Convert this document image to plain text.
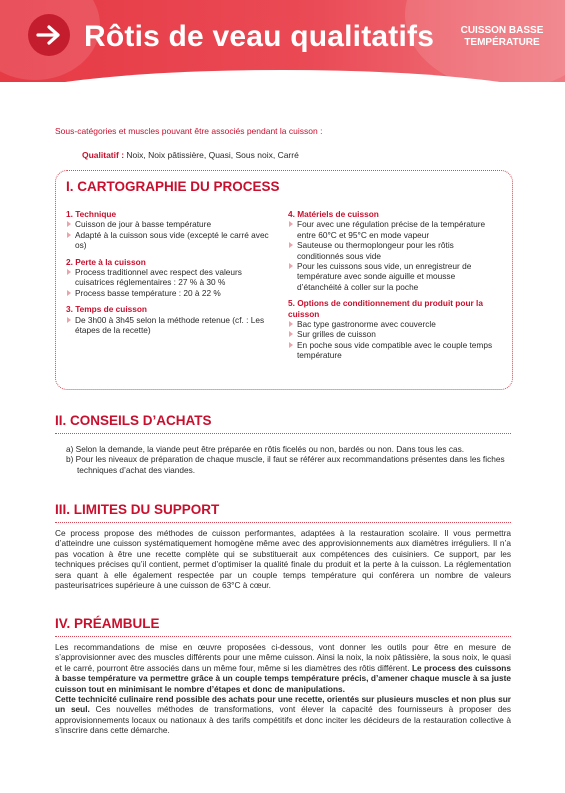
Rôtis de veau qualitatifs	CUISSON BASSE
TEMPÉRATURE
Sous-catégories et muscles pouvant être associés pendant la cuisson :
Qualitatif : Noix, Noix pâtissière, Quasi, Sous noix, Carré
I. CARTOGRAPHIE DU PROCESS
1. Technique
Cuisson de jour à basse température
Adapté à la cuisson sous vide (excepté le carré avec os)
2. Perte à la cuisson
Process traditionnel avec respect des valeurs cuisatrices réglementaires : 27 % à 30 %
Process basse température : 20 à 22 %
3. Temps de cuisson
De 3h00 à 3h45 selon la méthode retenue (cf. : Les étapes de la recette)
4. Matériels de cuisson
Four avec une régulation précise de la température entre 60°C et 95°C en mode vapeur
Sauteuse ou thermoplongeur pour les rôtis conditionnés sous vide
Pour les cuissons sous vide, un enregistreur de température avec sonde aiguille et mousse d’étanchéité à coller sur la poche
5. Options de conditionnement du produit pour la cuisson
Bac type gastronorme avec couvercle
Sur grilles de cuisson
En poche sous vide compatible avec le couple temps température
II. CONSEILS D’ACHATS
a) Selon la demande, la viande peut être préparée en rôtis ficelés ou non, bardés ou non. Dans tous les cas.
b) Pour les niveaux de préparation de chaque muscle, il faut se référer aux recommandations présentes dans les fiches techniques d’achat des viandes.
III. LIMITES DU SUPPORT

Ce process propose des méthodes de cuisson performantes, adaptées à la restauration scolaire. Il vous permettra d’atteindre une cuisson systématiquement homogène même avec des approvisionnements aux diamètres irréguliers. Il n’a pas vocation à être une recette complète qui se substituerait aux compétences des cuisiniers. Ce support, par les techniques précises qu’il contient, permet d’optimiser la qualité finale du produit et la perte à la cuisson. La réglementation sera quant à elle également respectée par un couple temps température qui conférera un nombre de valeurs pasteurisatrices supérieure à une cuisson de 63°C à cœur.

IV. PRÉAMBULE

Les recommandations de mise en œuvre proposées ci-dessous, vont donner les outils pour être en mesure de s’approvisionner avec des muscles différents pour une même cuisson. Ainsi la noix, la noix pâtissière, la sous noix, le quasi et le carré, pourront être associés dans un même four, même si les diamètres des rôtis différent. Le process des cuissons à basse température va permettre grâce à un couple temps température précis, d’amener chaque muscle à sa juste cuisson tout en minimisant le nombre d’étapes et donc de manipulations.
Cette technicité culinaire rend possible des achats pour une recette, orientés sur plusieurs muscles et non plus sur un seul. Ces nouvelles méthodes de transformations, vont élever la capacité des fournisseurs à proposer des approvisionnements locaux ou nationaux à des tarifs compétitifs et donc inciter les décideurs de la restauration collective à s’inscrire dans cette démarche.
